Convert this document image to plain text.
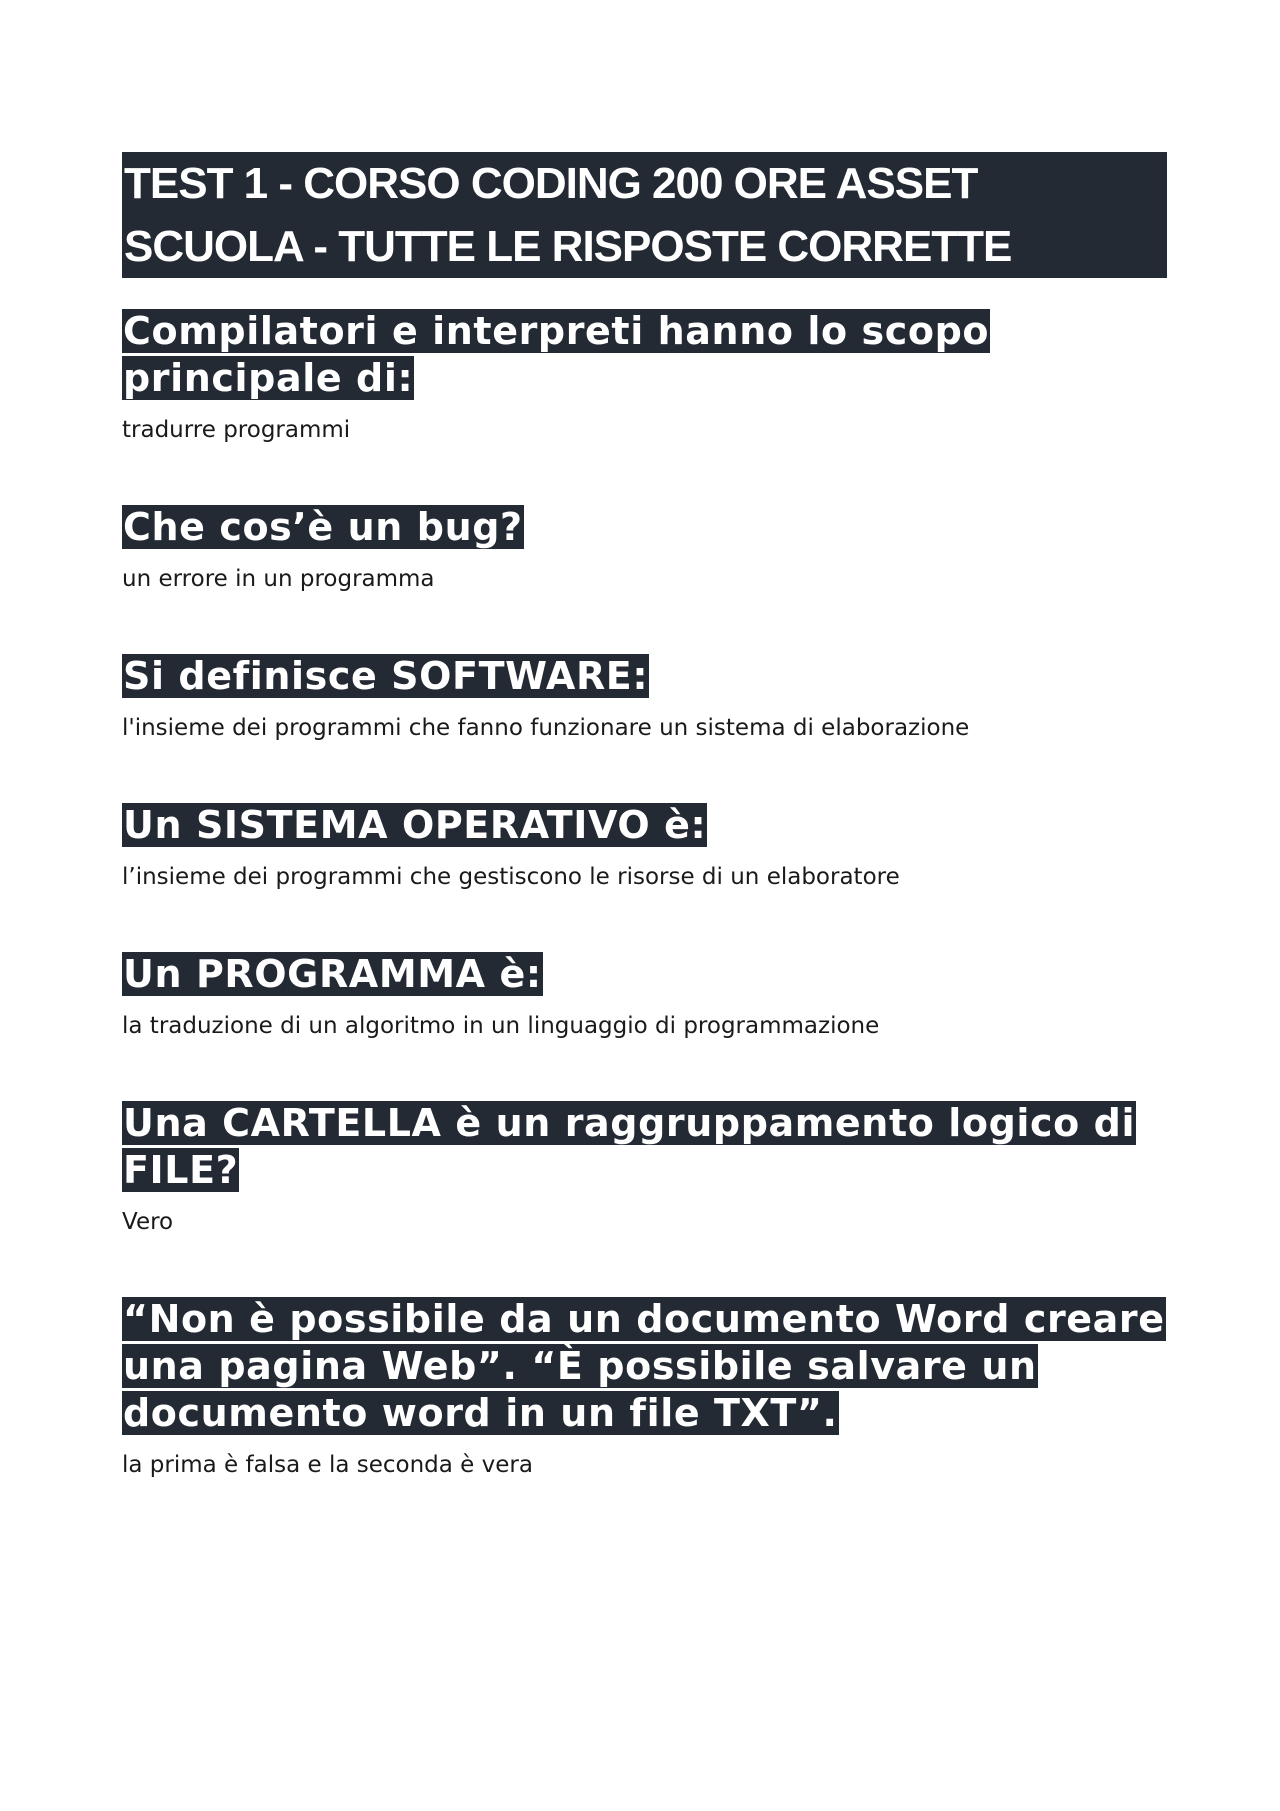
TEST 1 - CORSO CODING 200 ORE ASSET SCUOLA - TUTTE LE RISPOSTE CORRETTE
Compilatori e interpreti hanno lo scopo principale di:

tradurre programmi

Che cos’è un bug?

un errore in un programma

Si definisce SOFTWARE:

l'insieme dei programmi che fanno funzionare un sistema di elaborazione

Un SISTEMA OPERATIVO è:

l’insieme dei programmi che gestiscono le risorse di un elaboratore

Un PROGRAMMA è:

la traduzione di un algoritmo in un linguaggio di programmazione

Una CARTELLA è un raggruppamento logico di FILE?

Vero

“Non è possibile da un documento Word creare una pagina Web”. “È possibile salvare un documento word in un file TXT”.

la prima è falsa e la seconda è vera
